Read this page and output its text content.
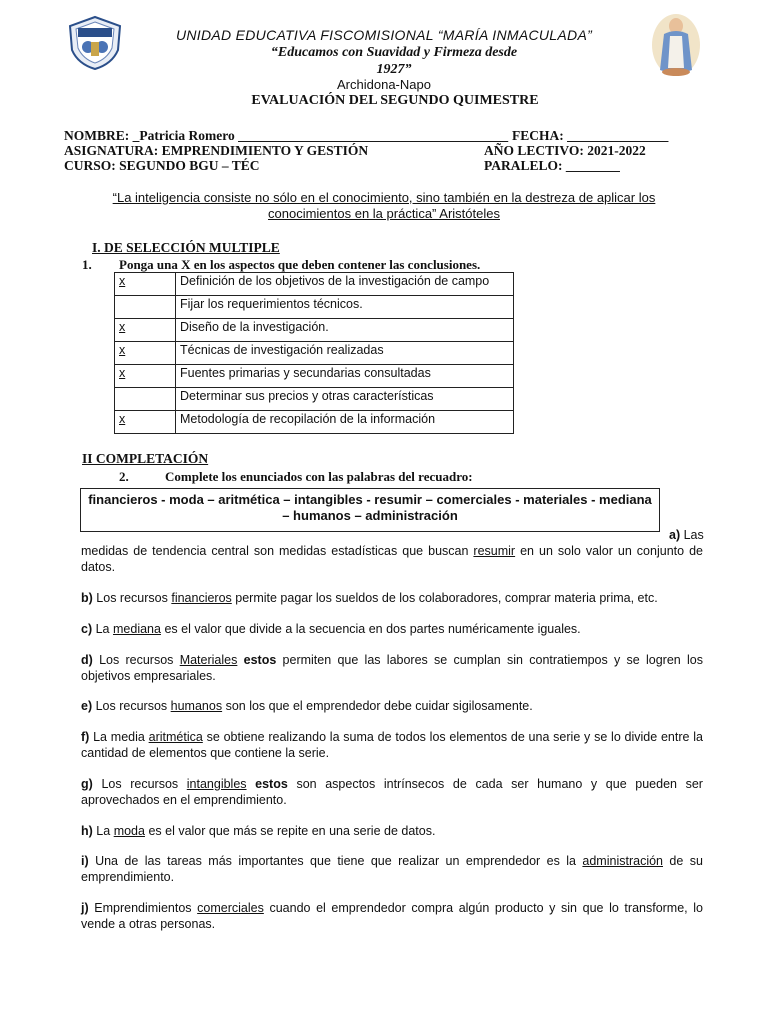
UNIDAD EDUCATIVA FISCOMISIONAL “MARÍA INMACULADA”
“Educamos con Suavidad y Firmeza desde
1927”
Archidona-Napo
EVALUACIÓN DEL SEGUNDO QUIMESTRE
NOMBRE: _Patricia Romero ________________________________________ FECHA: _______________
ASIGNATURA: EMPRENDIMIENTO Y GESTIÓN	AÑO LECTIVO: 2021-2022
CURSO: SEGUNDO BGU – TÉC	PARALELO: ________
“La inteligencia consiste no sólo en el conocimiento, sino también en la destreza de aplicar los
conocimientos en la práctica” Aristóteles
I. DE SELECCIÓN MULTIPLE
1. Ponga una X en los aspectos que deben contener las conclusiones.
x	Definición de los objetivos de la investigación de campo
	Fijar los requerimientos técnicos.
x	Diseño de la investigación.
x	Técnicas de investigación realizadas
x	Fuentes primarias y secundarias consultadas
	Determinar sus precios y otras características
x	Metodología de recopilación de la información
II COMPLETACIÓN
2.	Complete los enunciados con las palabras del recuadro:
financieros - moda – aritmética – intangibles - resumir – comerciales - materiales - mediana
– humanos – administración
a) Las
medidas de tendencia central son medidas estadísticas que buscan resumir en un solo valor un conjunto de datos.
b) Los recursos financieros permite pagar los sueldos de los colaboradores, comprar materia prima, etc.
c) La mediana es el valor que divide a la secuencia en dos partes numéricamente iguales.
d) Los recursos Materiales estos permiten que las labores se cumplan sin contratiempos y se logren los objetivos empresariales.
e) Los recursos humanos son los que el emprendedor debe cuidar sigilosamente.
f) La media aritmética se obtiene realizando la suma de todos los elementos de una serie y se lo divide entre la cantidad de elementos que contiene la serie.
g) Los recursos intangibles estos son aspectos intrínsecos de cada ser humano y que pueden ser aprovechados en el emprendimiento.
h) La moda es el valor que más se repite en una serie de datos.
i) Una de las tareas más importantes que tiene que realizar un emprendedor es la administración de su emprendimiento.
j) Emprendimientos comerciales cuando el emprendedor compra algún producto y sin que lo transforme, lo vende a otras personas.
